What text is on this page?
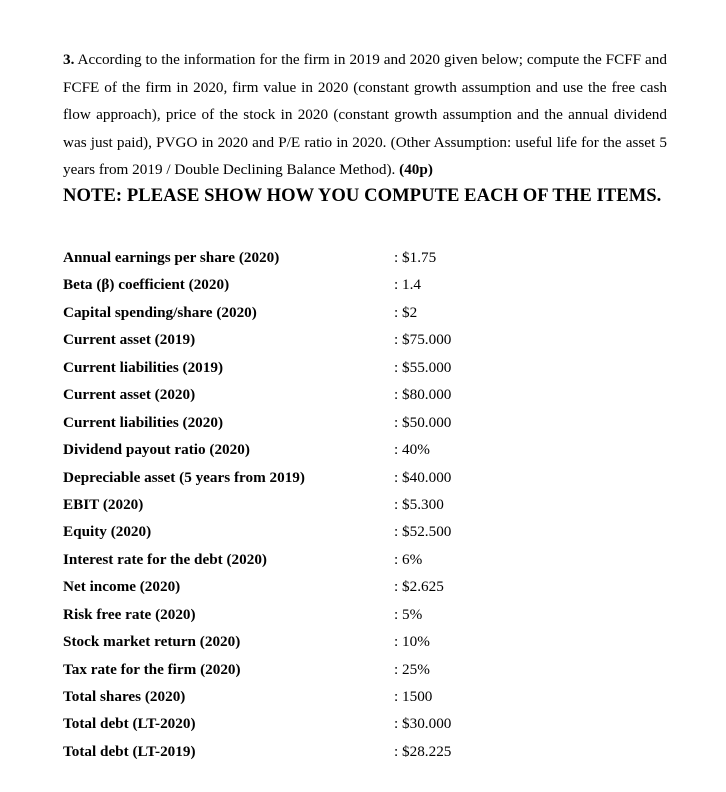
3. According to the information for the firm in 2019 and 2020 given below; compute the FCFF and FCFE of the firm in 2020, firm value in 2020 (constant growth assumption and use the free cash flow approach), price of the stock in 2020 (constant growth assumption and the annual dividend was just paid), PVGO in 2020 and P/E ratio in 2020. (Other Assumption: useful life for the asset 5 years from 2019 / Double Declining Balance Method). (40p)
NOTE: PLEASE SHOW HOW YOU COMPUTE EACH OF THE ITEMS.
Annual earnings per share (2020)	: $1.75
Beta (β) coefficient (2020)	: 1.4
Capital spending/share (2020)	: $2
Current asset (2019)	: $75.000
Current liabilities (2019)	: $55.000
Current asset (2020)	: $80.000
Current liabilities (2020)	: $50.000
Dividend payout ratio (2020)	: 40%
Depreciable asset (5 years from 2019)	: $40.000
EBIT (2020)	: $5.300
Equity (2020)	: $52.500
Interest rate for the debt (2020)	: 6%
Net income (2020)	: $2.625
Risk free rate (2020)	: 5%
Stock market return (2020)	: 10%
Tax rate for the firm (2020)	: 25%
Total shares (2020)	: 1500
Total debt (LT-2020)	: $30.000
Total debt (LT-2019)	: $28.225
